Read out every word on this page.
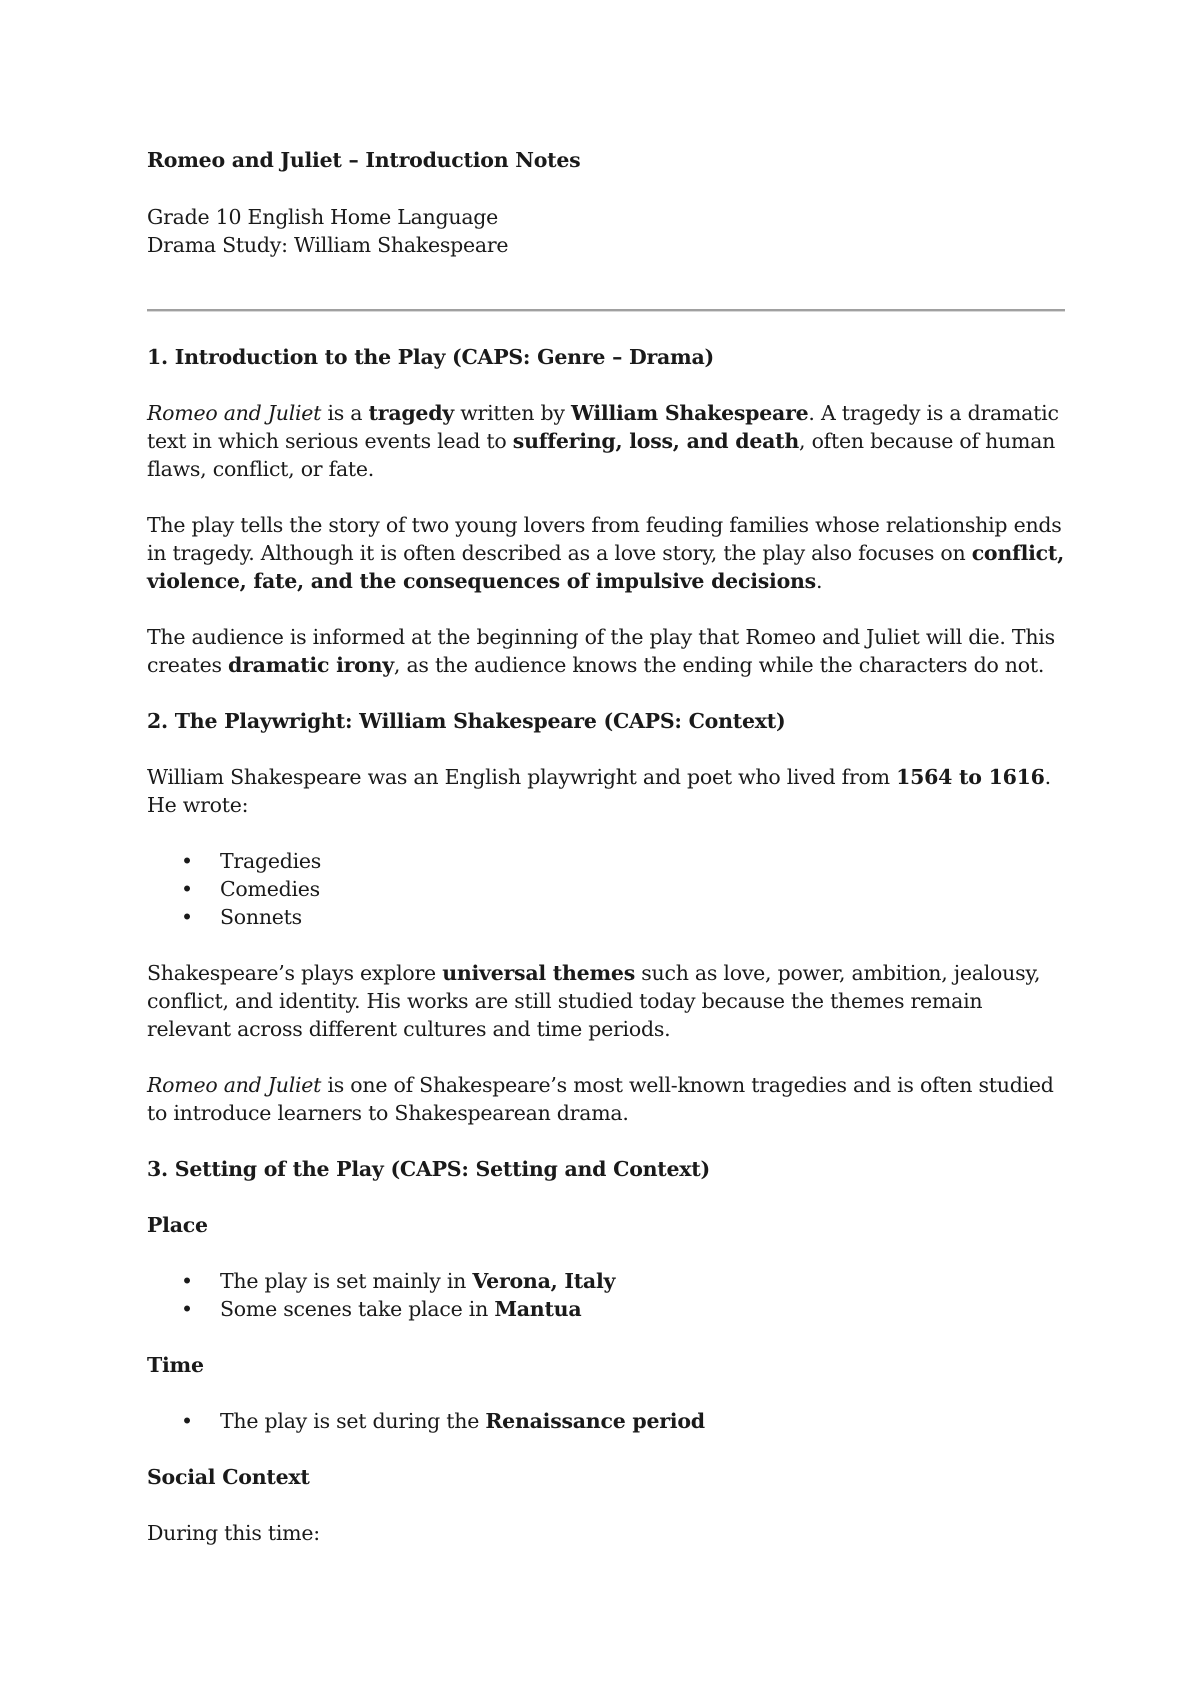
Romeo and Juliet – Introduction Notes

Grade 10 English Home Language

Drama Study: William Shakespeare

1. Introduction to the Play (CAPS: Genre – Drama)

Romeo and Juliet is a tragedy written by William Shakespeare. A tragedy is a dramatic text in which serious events lead to suffering, loss, and death, often because of human flaws, conflict, or fate.

The play tells the story of two young lovers from feuding families whose relationship ends in tragedy. Although it is often described as a love story, the play also focuses on conflict, violence, fate, and the consequences of impulsive decisions.

The audience is informed at the beginning of the play that Romeo and Juliet will die. This creates dramatic irony, as the audience knows the ending while the characters do not.

2. The Playwright: William Shakespeare (CAPS: Context)

William Shakespeare was an English playwright and poet who lived from 1564 to 1616. He wrote:

• Tragedies
• Comedies
• Sonnets

Shakespeare’s plays explore universal themes such as love, power, ambition, jealousy, conflict, and identity. His works are still studied today because the themes remain relevant across different cultures and time periods.

Romeo and Juliet is one of Shakespeare’s most well-known tragedies and is often studied to introduce learners to Shakespearean drama.

3. Setting of the Play (CAPS: Setting and Context)
Place
• The play is set mainly in Verona, Italy
• Some scenes take place in Mantua
Time
• The play is set during the Renaissance period
Social Context

During this time:
